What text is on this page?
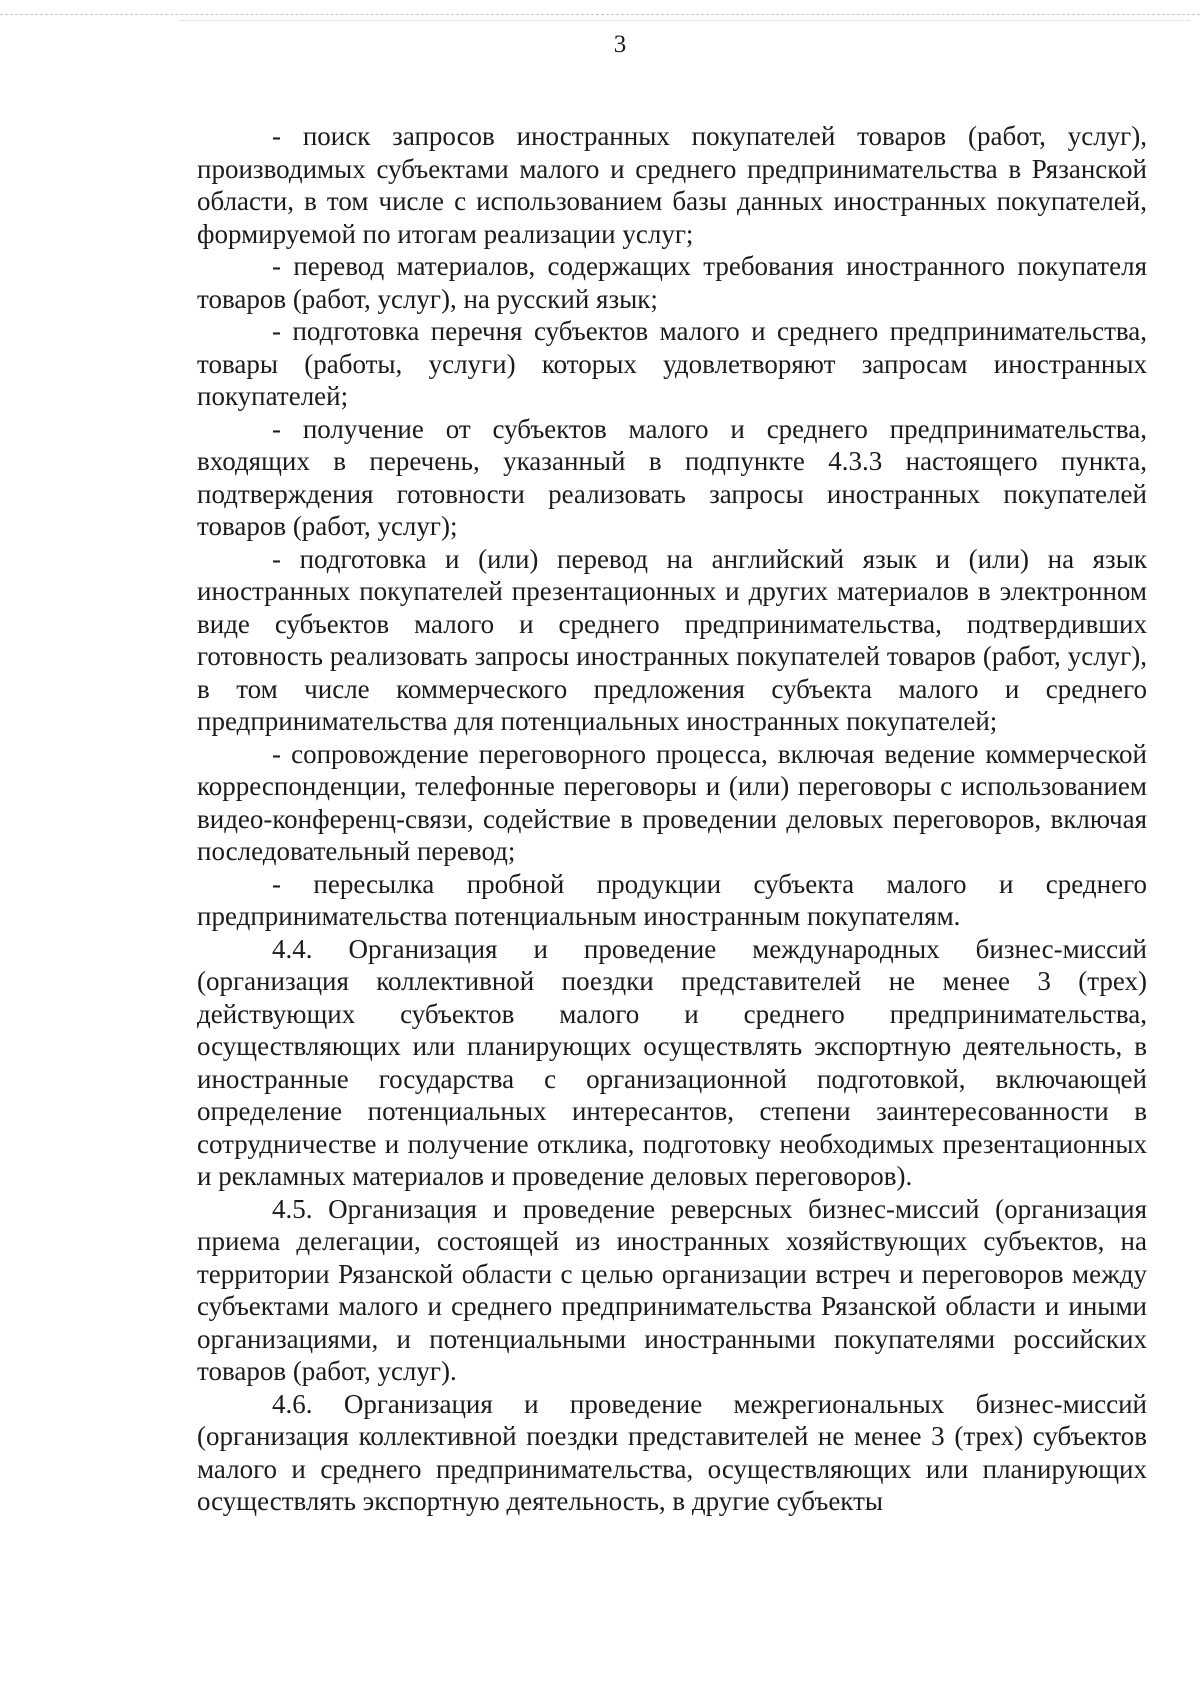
3

- поиск запросов иностранных покупателей товаров (работ, услуг), производимых субъектами малого и среднего предпринимательства в Рязанской области, в том числе с использованием базы данных иностранных покупателей, формируемой по итогам реализации услуг;

- перевод материалов, содержащих требования иностранного покупателя товаров (работ, услуг), на русский язык;

- подготовка перечня субъектов малого и среднего предпринимательства, товары (работы, услуги) которых удовлетворяют запросам иностранных покупателей;

- получение от субъектов малого и среднего предпринимательства, входящих в перечень, указанный в подпункте 4.3.3 настоящего пункта, подтверждения готовности реализовать запросы иностранных покупателей товаров (работ, услуг);

- подготовка и (или) перевод на английский язык и (или) на язык иностранных покупателей презентационных и других материалов в электронном виде субъектов малого и среднего предпринимательства, подтвердивших готовность реализовать запросы иностранных покупателей товаров (работ, услуг), в том числе коммерческого предложения субъекта малого и среднего предпринимательства для потенциальных иностранных покупателей;

- сопровождение переговорного процесса, включая ведение коммерческой корреспонденции, телефонные переговоры и (или) переговоры с использованием видео-конференц-связи, содействие в проведении деловых переговоров, включая последовательный перевод;

- пересылка пробной продукции субъекта малого и среднего предпринимательства потенциальным иностранным покупателям.

4.4. Организация и проведение международных бизнес-миссий (организация коллективной поездки представителей не менее 3 (трех) действующих субъектов малого и среднего предпринимательства, осуществляющих или планирующих осуществлять экспортную деятельность, в иностранные государства с организационной подготовкой, включающей определение потенциальных интересантов, степени заинтересованности в сотрудничестве и получение отклика, подготовку необходимых презентационных и рекламных материалов и проведение деловых переговоров).

4.5. Организация и проведение реверсных бизнес-миссий (организация приема делегации, состоящей из иностранных хозяйствующих субъектов, на территории Рязанской области с целью организации встреч и переговоров между субъектами малого и среднего предпринимательства Рязанской области и иными организациями, и потенциальными иностранными покупателями российских товаров (работ, услуг).

4.6. Организация и проведение межрегиональных бизнес-миссий (организация коллективной поездки представителей не менее 3 (трех) субъектов малого и среднего предпринимательства, осуществляющих или планирующих осуществлять экспортную деятельность, в другие субъекты
